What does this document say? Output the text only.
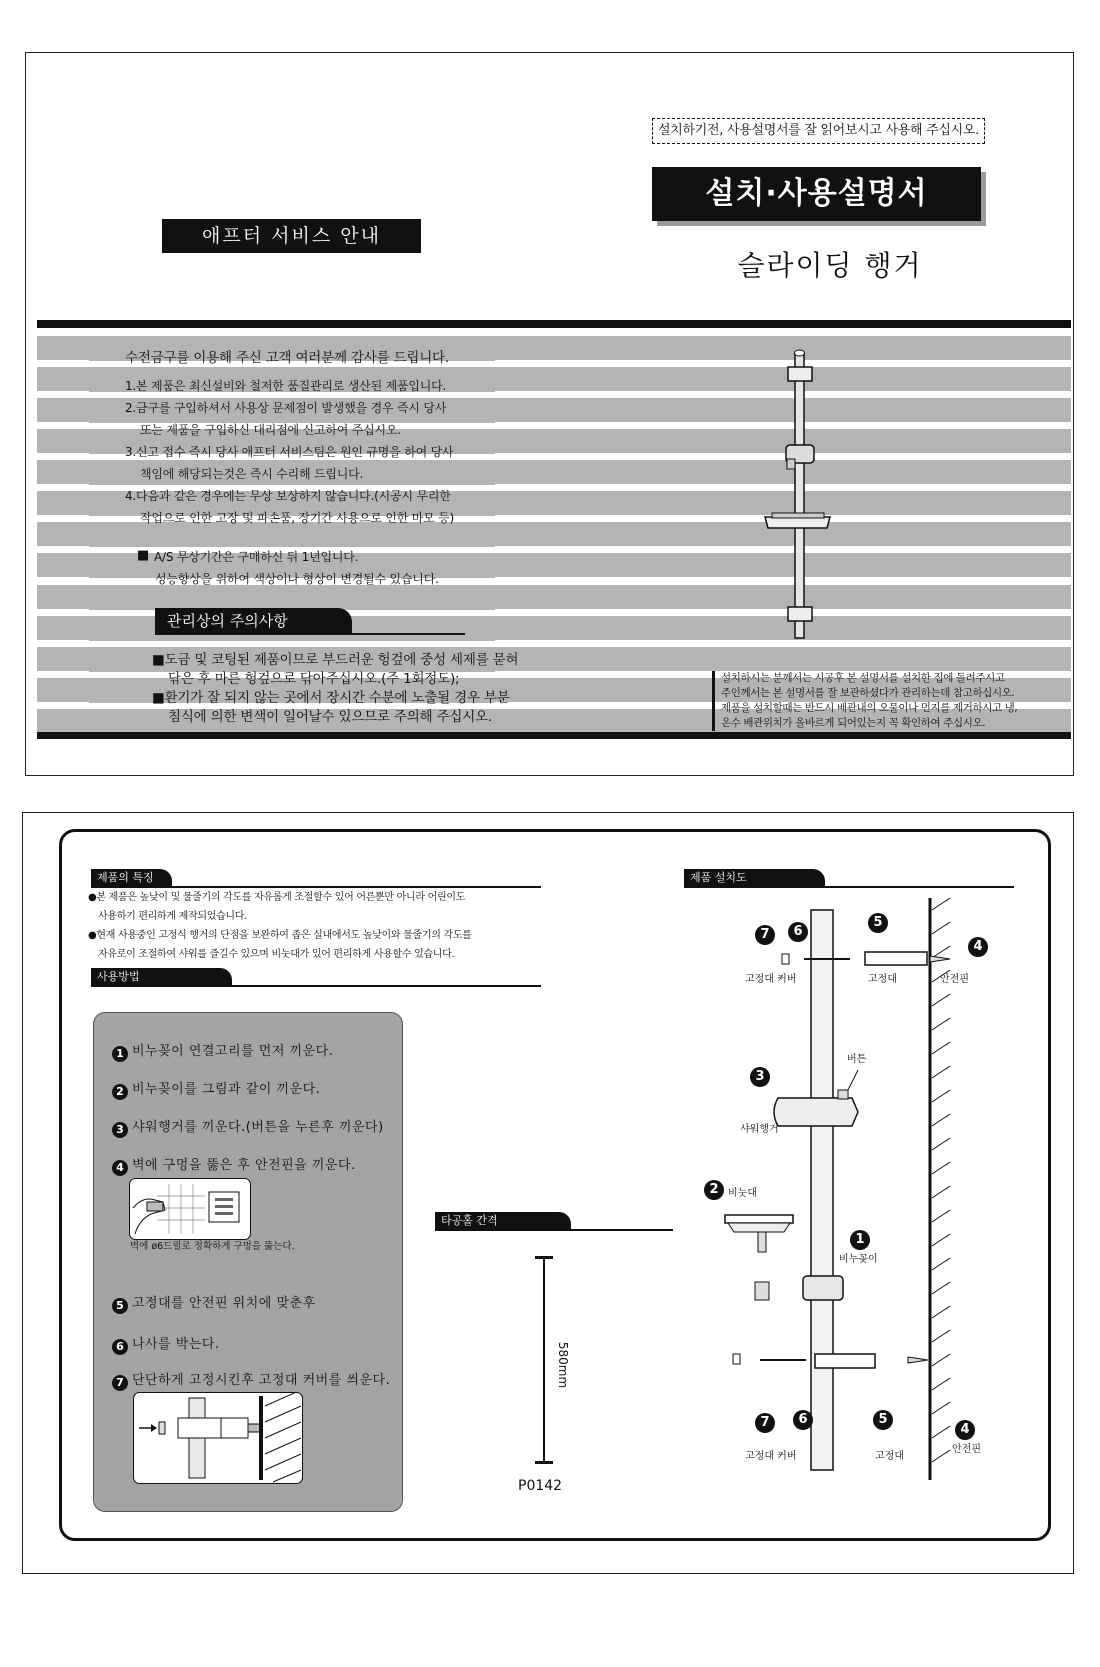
설치하기전, 사용설명서를 잘 읽어보시고 사용해 주십시오.
설치·사용설명서
슬라이딩 행거
애프터 서비스 안내
수전금구를 이용해 주신 고객 여러분께 감사를 드립니다.
1.본 제품은 최신설비와 철저한 품질관리로 생산된 제품입니다.
2.금구를 구입하셔서 사용상 문제점이 발생했을 경우 즉시 당사
또는 제품을 구입하신 대리점에 신고하여 주십시오.
3.신고 접수 즉시 당사 애프터 서비스팀은 원인 규명을 하여 당사
책임에 해당되는것은 즉시 수리해 드립니다.
4.다음과 같은 경우에는 무상 보상하지 않습니다.(시공시 무리한
작업으로 인한 고장 및 파손품, 장기간 사용으로 인한 마모 등)
■ A/S 무상기간은 구매하신 뒤 1년입니다.
성능향상을 위하여 색상이나 형상이 변경될수 있습니다.
관리상의 주의사항
■도금 및 코팅된 제품이므로 부드러운 헝겊에 중성 세제를 묻혀
닦은 후 마른 헝겊으로 닦아주십시오.(주 1회정도);
■환기가 잘 되지 않는 곳에서 장시간 수분에 노출될 경우 부분
침식에 의한 변색이 일어날수 있으므로 주의해 주십시오.
설치하시는 분께서는 시공후 본 설명서를 설치한 집에 돌려주시고
주인께서는 본 설명서를 잘 보관하셨다가 관리하는데 참고하십시오.
제품을 설치할때는 반드시 배관내의 오물이나 먼지를 제거하시고 냉,
온수 배관위치가 올바르게 되어있는지 꼭 확인하여 주십시오.
제품의 특징
●본 제품은 높낮이 및 물줄기의 각도를 자유롭게 조절할수 있어 어른뿐만 아니라 어린이도
사용하기 편리하게 제작되었습니다.
●현재 사용중인 고정식 행거의 단점을 보완하여 좁은 실내에서도 높낮이와 물줄기의 각도를
자유로이 조절하여 샤워를 즐길수 있으며 비눗대가 있어 편리하게 사용할수 있습니다.
사용방법
1 비누꽂이 연결고리를 먼저 끼운다.
2 비누꽂이를 그림과 같이 끼운다.
3 샤워행거를 끼운다.(버튼을 누른후 끼운다)
4 벽에 구멍을 뚫은 후 안전핀을 끼운다.
벽에 ø6드릴로 정확하게 구멍을 뚫는다.
5 고정대를 안전핀 위치에 맞춘후
6 나사를 박는다.
7 단단하게 고정시킨후 고정대 커버를 씌운다.
타공홀 간격
580mm
P0142
제품 설치도
7	6
5
4
3
2
1
7	6	5
4
고정대 커버	고정대	안전핀
버튼
샤워행거
비눗대
비누꽂이
고정대 커버	고정대
안전핀
